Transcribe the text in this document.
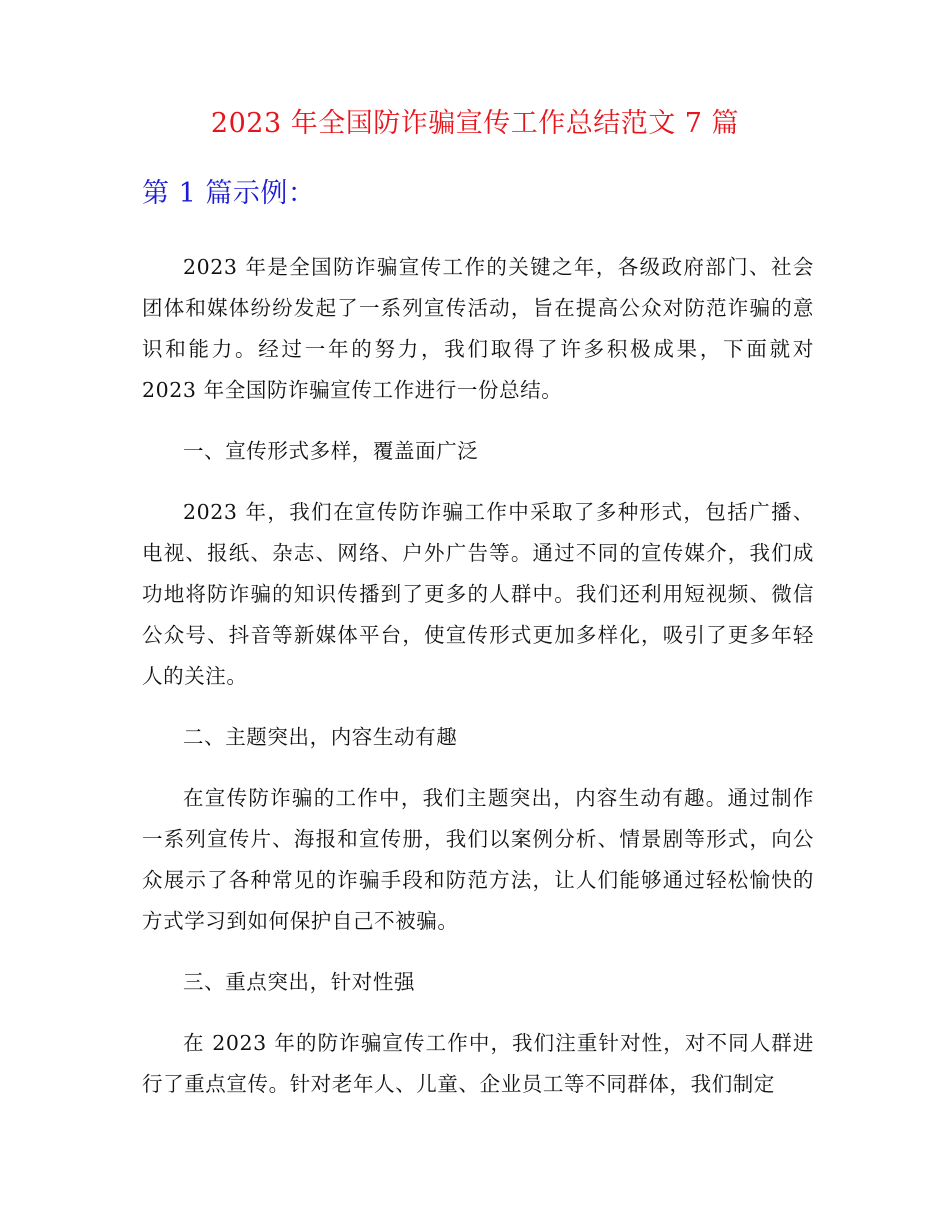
2023 年全国防诈骗宣传工作总结范文 7 篇
第 1 篇示例：

2023 年是全国防诈骗宣传工作的关键之年，各级政府部门、社会团体和媒体纷纷发起了一系列宣传活动，旨在提高公众对防范诈骗的意识和能力。经过一年的努力，我们取得了许多积极成果，下面就对 2023 年全国防诈骗宣传工作进行一份总结。

一、宣传形式多样，覆盖面广泛

2023 年，我们在宣传防诈骗工作中采取了多种形式，包括广播、电视、报纸、杂志、网络、户外广告等。通过不同的宣传媒介，我们成功地将防诈骗的知识传播到了更多的人群中。我们还利用短视频、微信公众号、抖音等新媒体平台，使宣传形式更加多样化，吸引了更多年轻人的关注。

二、主题突出，内容生动有趣

在宣传防诈骗的工作中，我们主题突出，内容生动有趣。通过制作一系列宣传片、海报和宣传册，我们以案例分析、情景剧等形式，向公众展示了各种常见的诈骗手段和防范方法，让人们能够通过轻松愉快的方式学习到如何保护自己不被骗。

三、重点突出，针对性强

在 2023 年的防诈骗宣传工作中，我们注重针对性，对不同人群进行了重点宣传。针对老年人、儿童、企业员工等不同群体，我们制定
